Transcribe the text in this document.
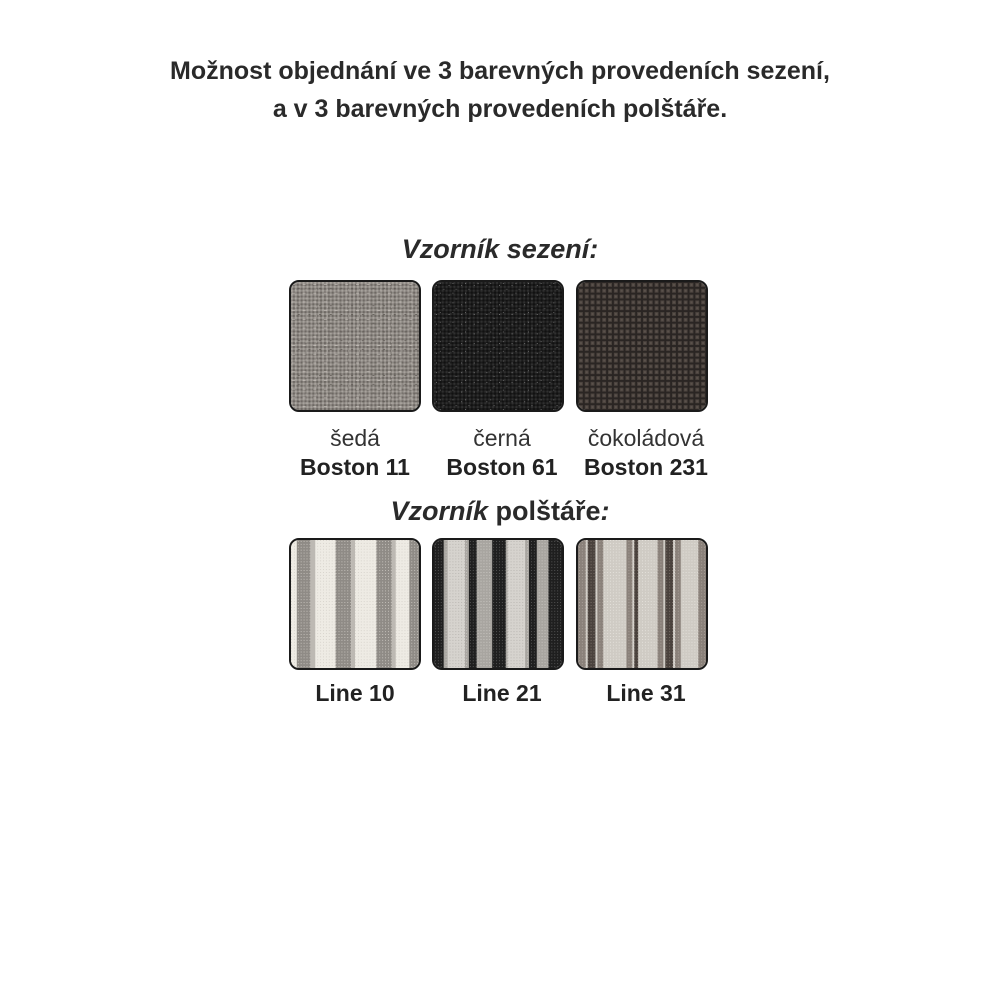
Možnost objednání ve 3 barevných provedeních sezení,
a v 3 barevných provedeních polštáře.
Vzorník sezení:
šedá
Boston 11
černá
Boston 61
čokoládová
Boston 231
Vzorník polštáře:
Line 10	Line 21	Line 31
